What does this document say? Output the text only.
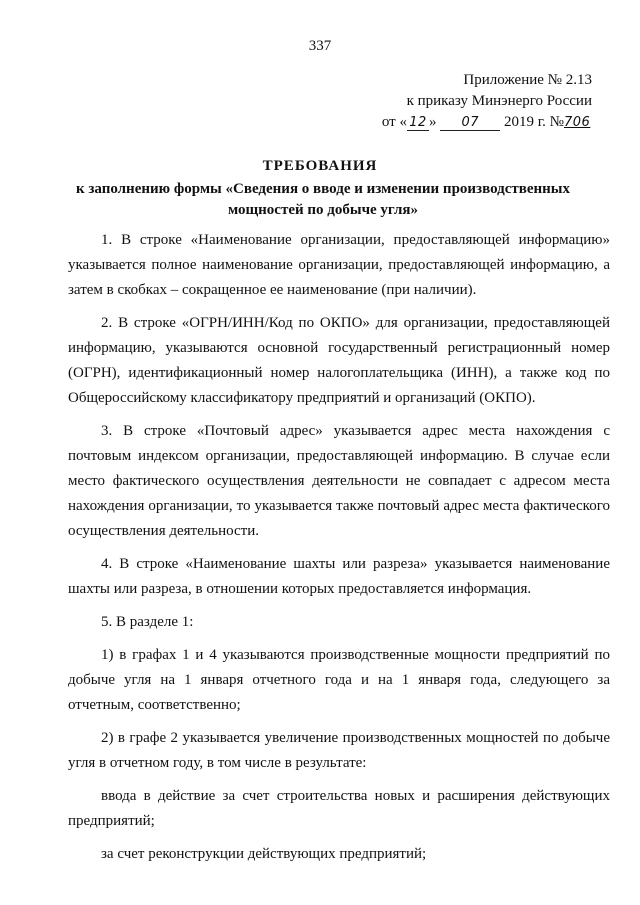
337
Приложение № 2.13
к приказу Минэнерго России
от « 12 » 07 2019 г. №706
ТРЕБОВАНИЯ
к заполнению формы «Сведения о вводе и изменении производственных мощностей по добыче угля»

1. В строке «Наименование организации, предоставляющей информацию» указывается полное наименование организации, предоставляющей информацию, а затем в скобках – сокращенное ее наименование (при наличии).

2. В строке «ОГРН/ИНН/Код по ОКПО» для организации, предоставляющей информацию, указываются основной государственный регистрационный номер (ОГРН), идентификационный номер налогоплательщика (ИНН), а также код по Общероссийскому классификатору предприятий и организаций (ОКПО).

3. В строке «Почтовый адрес» указывается адрес места нахождения с почтовым индексом организации, предоставляющей информацию. В случае если место фактического осуществления деятельности не совпадает с адресом места нахождения организации, то указывается также почтовый адрес места фактического осуществления деятельности.

4. В строке «Наименование шахты или разреза» указывается наименование шахты или разреза, в отношении которых предоставляется информация.

5. В разделе 1:

1) в графах 1 и 4 указываются производственные мощности предприятий по добыче угля на 1 января отчетного года и на 1 января года, следующего за отчетным, соответственно;

2) в графе 2 указывается увеличение производственных мощностей по добыче угля в отчетном году, в том числе в результате:

ввода в действие за счет строительства новых и расширения действующих предприятий;

за счет реконструкции действующих предприятий;
